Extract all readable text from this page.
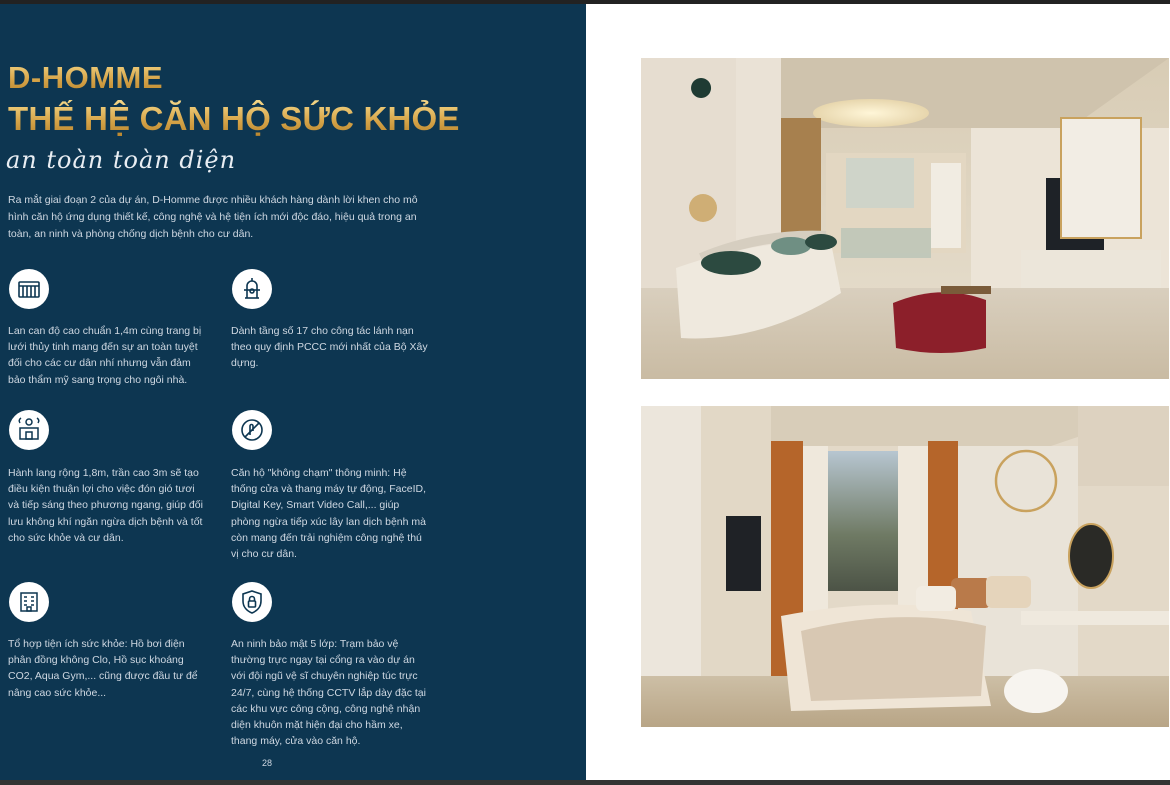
D-HOMME
THẾ HỆ CĂN HỘ SỨC KHỎE
an toàn toàn diện
Ra mắt giai đoạn 2 của dự án, D-Homme được nhiều khách hàng dành lời khen cho mô hình căn hộ ứng dụng thiết kế, công nghệ và hệ tiện ích mới độc đáo, hiệu quả trong an toàn, an ninh và phòng chống dịch bệnh cho cư dân.
Lan can độ cao chuẩn 1,4m cùng trang bị lưới thủy tinh mang đến sự an toàn tuyệt đối cho các cư dân nhí nhưng vẫn đảm bảo thẩm mỹ sang trọng cho ngôi nhà.
Dành tầng số 17 cho công tác lánh nạn theo quy định PCCC mới nhất của Bộ Xây dựng.
Hành lang rộng 1,8m, trần cao 3m sẽ tạo điều kiện thuận lợi cho việc đón gió tươi và tiếp sáng theo phương ngang, giúp đối lưu không khí ngăn ngừa dịch bệnh và tốt cho sức khỏe và cư dân.
Căn hộ "không chạm" thông minh: Hệ thống cửa và thang máy tự động, FaceID, Digital Key, Smart Video Call,... giúp phòng ngừa tiếp xúc lây lan dịch bệnh mà còn mang đến trải nghiệm công nghệ thú vị cho cư dân.
Tổ hợp tiện ích sức khỏe: Hồ bơi điện phân đồng không Clo, Hồ sục khoáng CO2, Aqua Gym,... cũng được đầu tư để nâng cao sức khỏe...
An ninh bảo mật 5 lớp: Trạm bảo vệ thường trực ngay tại cổng ra vào dự án với đội ngũ vệ sĩ chuyên nghiệp túc trực 24/7, cùng hệ thống CCTV lắp dày đặc tại các khu vực công cộng, công nghệ nhận diện khuôn mặt hiện đại cho hầm xe, thang máy, cửa vào căn hộ.
28
